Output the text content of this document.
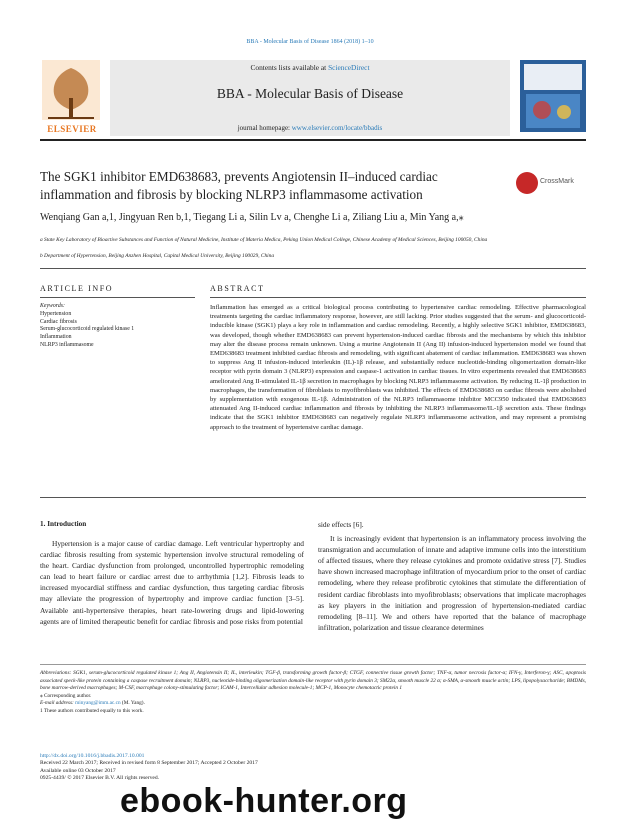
BBA - Molecular Basis of Disease 1864 (2018) 1–10
ELSEVIER
Contents lists available at ScienceDirect
BBA - Molecular Basis of Disease
journal homepage: www.elsevier.com/locate/bbadis
The SGK1 inhibitor EMD638683, prevents Angiotensin II–induced cardiac inflammation and fibrosis by blocking NLRP3 inflammasome activation
CrossMark
Wenqiang Gan a,1, Jingyuan Ren b,1, Tiegang Li a, Silin Lv a, Chenghe Li a, Ziliang Liu a, Min Yang a,⁎
a State Key Laboratory of Bioactive Substances and Function of Natural Medicine, Institute of Materia Medica, Peking Union Medical College, Chinese Academy of Medical Sciences, Beijing 100050, China
b Department of Hypertension, Beijing Anzhen Hospital, Capital Medical University, Beijing 100029, China
ARTICLE INFO	ABSTRACT
Keywords:
Hypertension
Cardiac fibrosis
Serum-glucocorticoid regulated kinase 1
Inflammation
NLRP3 inflammasome
Inflammation has emerged as a critical biological process contributing to hypertensive cardiac remodeling. Effective pharmacological treatments targeting the cardiac inflammatory response, however, are still lacking. Prior studies suggested that the serum- and glucocorticoid-inducible kinase (SGK1) plays a key role in inflammation and cardiac remodeling. Recently, a highly selective SGK1 inhibitor, EMD638683, was developed, though whether EMD638683 can prevent hypertension-induced cardiac fibrosis and the mechanisms by which this inhibitor may alter the disease process remain unknown. Using a murine Angiotensin II (Ang II) infusion-induced hypertension model we found that EMD638683 treatment inhibited cardiac fibrosis and remodeling, with significant abatement of cardiac inflammation. EMD638683 was shown to suppress Ang II infusion-induced interleukin (IL)-1β release, and substantially reduce nucleotide-binding oligomerization domain-like receptor with pyrin domain 3 (NLRP3) expression and caspase-1 activation in cardiac tissues. In vitro experiments revealed that EMD638683 ameliorated Ang II-stimulated IL-1β secretion in macrophages by blocking NLRP3 inflammasome activation. By reducing IL-1β production in macrophages, the transformation of fibroblasts to myofibroblasts was inhibited. The effects of EMD638683 on cardiac fibrosis were abolished by supplementation with exogenous IL-1β. Administration of the NLRP3 inflammasome inhibitor MCC950 indicated that EMD638683 attenuated Ang II-induced cardiac inflammation and fibrosis by inhibiting the NLRP3 inflammasome/IL-1β secretion axis. These findings indicate that the SGK1 inhibitor EMD638683 can negatively regulate NLRP3 inflammasome activation, and may represent a promising approach to the treatment of hypertensive cardiac damage.
1. Introduction

Hypertension is a major cause of cardiac damage. Left ventricular hypertrophy and cardiac fibrosis resulting from systemic hypertension involve structural remodeling of the heart. Cardiac dysfunction from prolonged, uncontrolled hypertrophic remodeling can lead to heart failure or cardiac arrest due to arrhythmia [1,2]. Fibrosis leads to increased myocardial stiffness and cardiac dysfunction, thus targeting cardiac fibrosis may alleviate the progression of hypertrophy and improve cardiac function [3–5]. Available anti-hypertensive therapies, heart rate-lowering drugs and lipid-lowering agents are of limited therapeutic benefit for cardiac fibrosis and pose risks from potential

side effects [6].

It is increasingly evident that hypertension is an inflammatory process involving the transmigration and accumulation of innate and adaptive immune cells into the interstitium of affected tissues, where they release cytokines and promote oxidative stress [7]. Studies have shown increased macrophage infiltration of myocardium prior to the onset of cardiac remodeling, where they release profibrotic cytokines that stimulate the differentiation of resident cardiac fibroblasts into myofibroblasts; observations that implicate macrophages as key players in the initiation and progression of hypertension-mediated cardiac remodeling [8–11]. We and others have reported that the balance of macrophage infiltration, polarization and tissue clearance determines

Abbreviations: SGK1, serum-glucocorticoid regulated kinase 1; Ang II, Angiotensin II; IL, interleukin; TGF-β, transforming growth factor-β; CTGF, connective tissue growth factor; TNF-α, tumor necrosis factor-α; IFN-γ, Interferon-γ; ASC, apoptosis associated speck-like protein containing a caspase recruitment domain; NLRP3, nucleotide-binding oligomerization domain-like receptor with pyrin domain 3; SM22α, smooth muscle 22 α; α-SMA, α-smooth muscle actin; LPS, lipopolysaccharide; BMDMs, bone marrow-derived macrophages; M-CSF, macrophage colony-stimulating factor; ICAM-1, Intercellular adhesion molecule-1; MCP-1, Monocyte chemotactic protein 1
⁎ Corresponding author.
E-mail address: minyang@imm.ac.cn (M. Yang).
1 These authors contributed equally to this work.
http://dx.doi.org/10.1016/j.bbadis.2017.10.001
Received 22 March 2017; Received in revised form 8 September 2017; Accepted 2 October 2017
Available online 03 October 2017
0925-4439/ © 2017 Elsevier B.V. All rights reserved.
ebook-hunter.org
